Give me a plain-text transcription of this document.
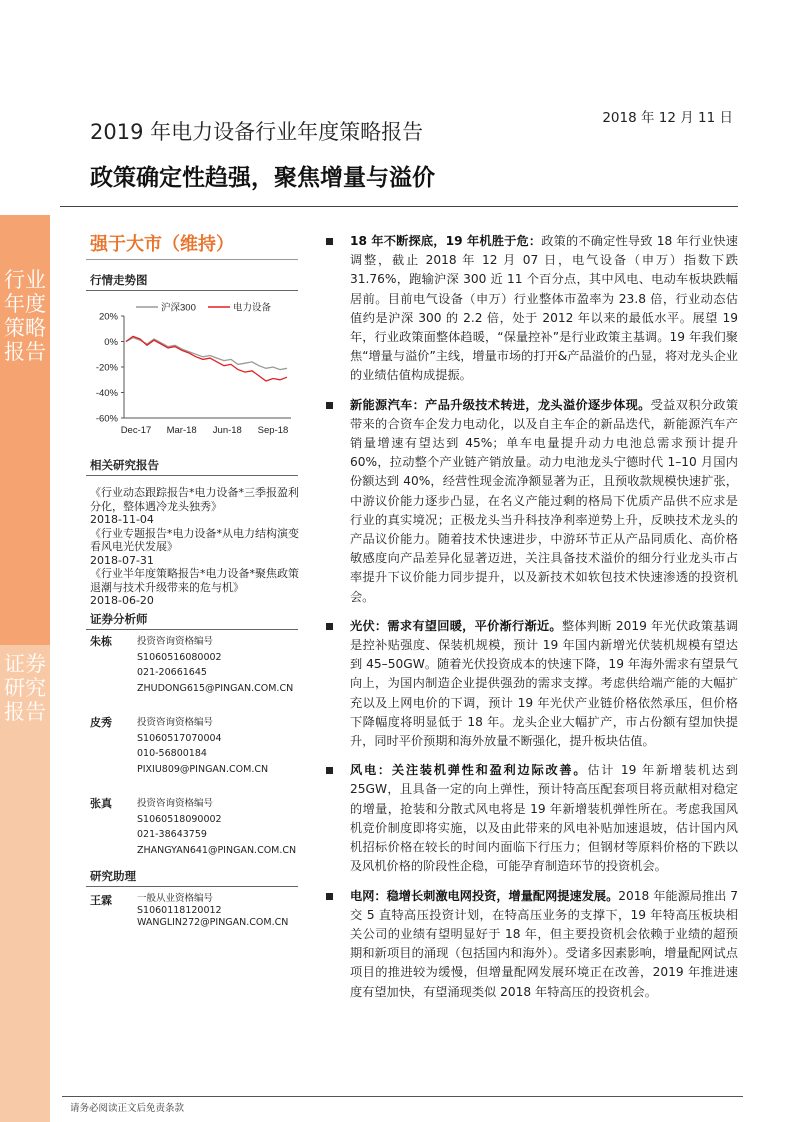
行业年度策略报告
证券研究报告
2018 年 12 月 11 日
2019 年电力设备行业年度策略报告
政策确定性趋强，聚焦增量与溢价
强于大市（维持）
行情走势图
20%
0%
-20%
-40%
-60%
Dec-17 Mar-18 Jun-18 Sep-18
沪深300	电力设备
相关研究报告
《行业动态跟踪报告*电力设备*三季报盈利分化，整体遇冷龙头独秀》
2018-11-04
《行业专题报告*电力设备*从电力结构演变看风电光伏发展》
2018-07-31
《行业半年度策略报告*电力设备*聚焦政策退潮与技术升级带来的危与机》
2018-06-20
证券分析师
朱栋	投资咨询资格编号
S1060516080002
021-20661645
ZHUDONG615@PINGAN.COM.CN
皮秀	投资咨询资格编号
S1060517070004
010-56800184
PIXIU809@PINGAN.COM.CN
张真	投资咨询资格编号
S1060518090002
021-38643759
ZHANGYAN641@PINGAN.COM.CN
研究助理
王霖	一般从业资格编号
S1060118120012
WANGLIN272@PINGAN.COM.CN
18 年不断探底，19 年机胜于危：政策的不确定性导致 18 年行业快速调整，截止 2018 年 12 月 07 日，电气设备（申万）指数下跌 31.76%，跑输沪深 300 近 11 个百分点，其中风电、电动车板块跌幅居前。目前电气设备（申万）行业整体市盈率为 23.8 倍，行业动态估值约是沪深 300 的 2.2 倍，处于 2012 年以来的最低水平。展望 19 年，行业政策面整体趋暖，“保量控补”是行业政策主基调。19 年我们聚焦“增量与溢价”主线，增量市场的打开&产品溢价的凸显，将对龙头企业的业绩估值构成提振。
新能源汽车：产品升级技术转进，龙头溢价逐步体现。受益双积分政策带来的合资车企发力电动化，以及自主车企的新品迭代，新能源汽车产销量增速有望达到 45%；单车电量提升动力电池总需求预计提升 60%，拉动整个产业链产销放量。动力电池龙头宁德时代 1–10 月国内份额达到 40%，经营性现金流净额显著为正，且预收款规模快速扩张，中游议价能力逐步凸显，在名义产能过剩的格局下优质产品供不应求是行业的真实境况；正极龙头当升科技净利率逆势上升，反映技术龙头的产品议价能力。随着技术快速进步，中游环节正从产品同质化、高价格敏感度向产品差异化显著迈进，关注具备技术溢价的细分行业龙头市占率提升下议价能力同步提升，以及新技术如软包技术快速渗透的投资机会。
光伏：需求有望回暖，平价渐行渐近。整体判断 2019 年光伏政策基调是控补贴强度、保装机规模，预计 19 年国内新增光伏装机规模有望达到 45–50GW。随着光伏投资成本的快速下降，19 年海外需求有望景气向上，为国内制造企业提供强劲的需求支撑。考虑供给端产能的大幅扩充以及上网电价的下调，预计 19 年光伏产业链价格依然承压，但价格下降幅度将明显低于 18 年。龙头企业大幅扩产，市占份额有望加快提升，同时平价预期和海外放量不断强化，提升板块估值。
风电：关注装机弹性和盈利边际改善。估计 19 年新增装机达到 25GW，且具备一定的向上弹性，预计特高压配套项目将贡献相对稳定的增量，抢装和分散式风电将是 19 年新增装机弹性所在。考虑我国风机竞价制度即将实施，以及由此带来的风电补贴加速退坡，估计国内风机招标价格在较长的时间内面临下行压力；但钢材等原料价格的下跌以及风机价格的阶段性企稳，可能孕育制造环节的投资机会。
电网：稳增长刺激电网投资，增量配网提速发展。2018 年能源局推出 7 交 5 直特高压投资计划，在特高压业务的支撑下，19 年特高压板块相关公司的业绩有望明显好于 18 年，但主要投资机会依赖于业绩的超预期和新项目的涌现（包括国内和海外）。受诸多因素影响，增量配网试点项目的推进较为缓慢，但增量配网发展环境正在改善，2019 年推进速度有望加快，有望涌现类似 2018 年特高压的投资机会。
请务必阅读正文后免责条款
